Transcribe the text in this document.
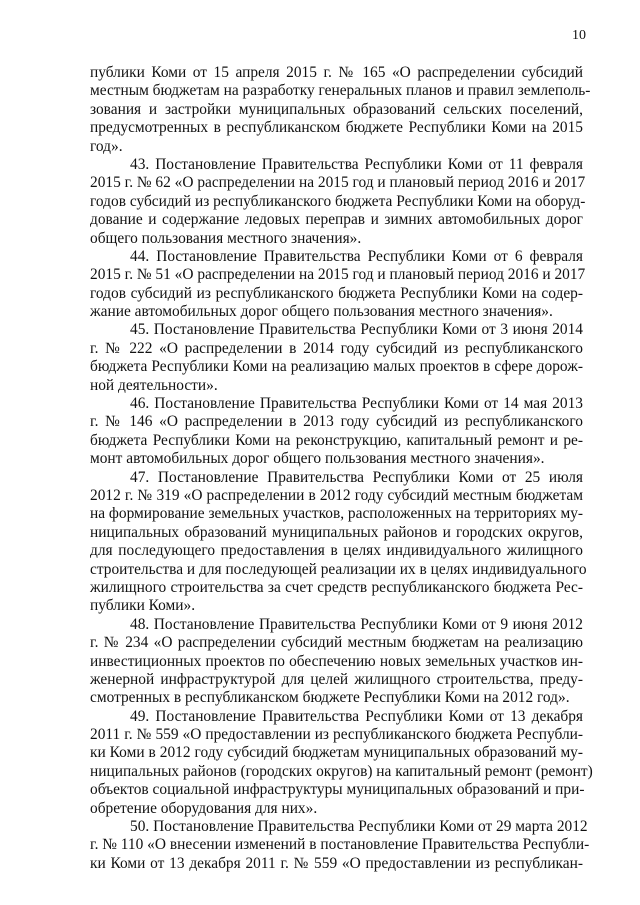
10
публики Коми от 15 апреля 2015 г. № 165 «О распределении субсидий
местным бюджетам на разработку генеральных планов и правил землеполь-
зования и застройки муниципальных образований сельских поселений,
предусмотренных в республиканском бюджете Республики Коми на 2015
год».
43. Постановление Правительства Республики Коми от 11 февраля
2015 г. № 62 «О распределении на 2015 год и плановый период 2016 и 2017
годов субсидий из республиканского бюджета Республики Коми на оборуд-
дование и содержание ледовых переправ и зимних автомобильных дорог
общего пользования местного значения».
44. Постановление Правительства Республики Коми от 6 февраля
2015 г. № 51 «О распределении на 2015 год и плановый период 2016 и 2017
годов субсидий из республиканского бюджета Республики Коми на содер-
жание автомобильных дорог общего пользования местного значения».
45. Постановление Правительства Республики Коми от 3 июня 2014
г. № 222 «О распределении в 2014 году субсидий из республиканского
бюджета Республики Коми на реализацию малых проектов в сфере дорож-
ной деятельности».
46. Постановление Правительства Республики Коми от 14 мая 2013
г. № 146 «О распределении в 2013 году субсидий из республиканского
бюджета Республики Коми на реконструкцию, капитальный ремонт и ре-
монт автомобильных дорог общего пользования местного значения».
47. Постановление Правительства Республики Коми от 25 июля
2012 г. № 319 «О распределении в 2012 году субсидий местным бюджетам
на формирование земельных участков, расположенных на территориях му-
ниципальных образований муниципальных районов и городских округов,
для последующего предоставления в целях индивидуального жилищного
строительства и для последующей реализации их в целях индивидуального
жилищного строительства за счет средств республиканского бюджета Рес-
публики Коми».
48. Постановление Правительства Республики Коми от 9 июня 2012
г. № 234 «О распределении субсидий местным бюджетам на реализацию
инвестиционных проектов по обеспечению новых земельных участков ин-
женерной инфраструктурой для целей жилищного строительства, преду-
смотренных в республиканском бюджете Республики Коми на 2012 год».
49. Постановление Правительства Республики Коми от 13 декабря
2011 г. № 559 «О предоставлении из республиканского бюджета Республи-
ки Коми в 2012 году субсидий бюджетам муниципальных образований му-
ниципальных районов (городских округов) на капитальный ремонт (ремонт)
объектов социальной инфраструктуры муниципальных образований и при-
обретение оборудования для них».
50. Постановление Правительства Республики Коми от 29 марта 2012
г. № 110 «О внесении изменений в постановление Правительства Республи-
ки Коми от 13 декабря 2011 г. № 559 «О предоставлении из республикан-
